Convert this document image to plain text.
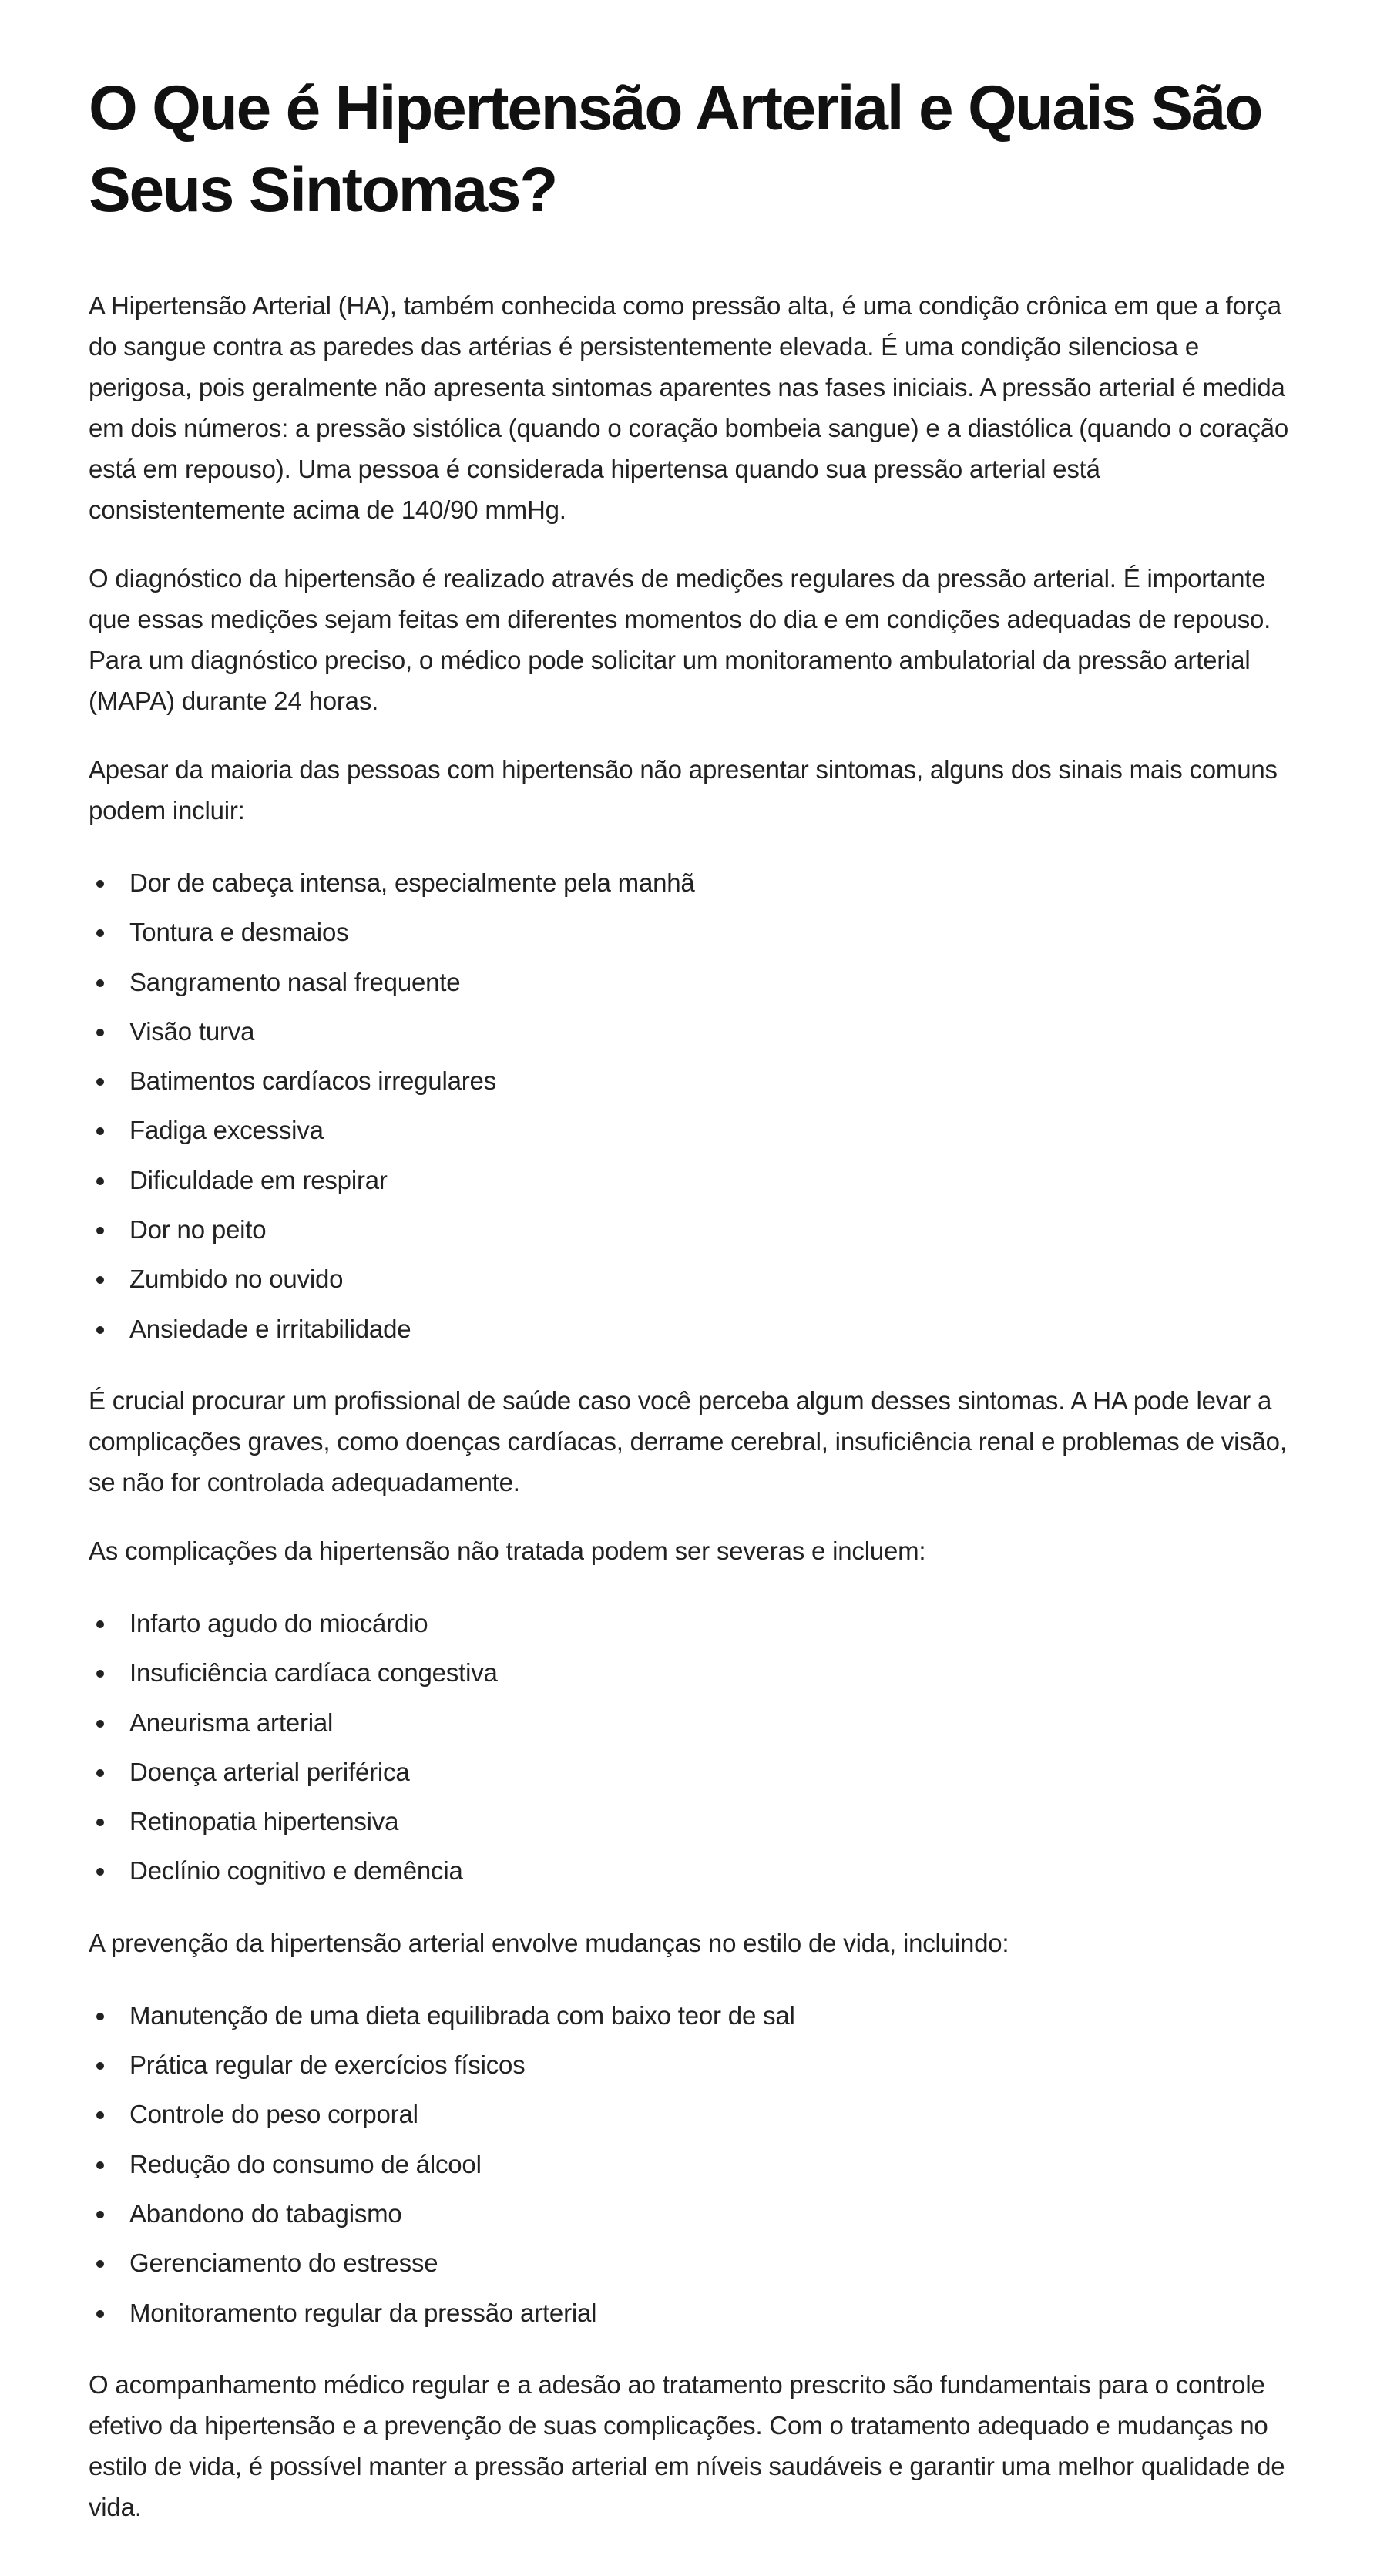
O Que é Hipertensão Arterial e Quais São Seus Sintomas?

A Hipertensão Arterial (HA), também conhecida como pressão alta, é uma condição crônica em que a força do sangue contra as paredes das artérias é persistentemente elevada. É uma condição silenciosa e perigosa, pois geralmente não apresenta sintomas aparentes nas fases iniciais. A pressão arterial é medida em dois números: a pressão sistólica (quando o coração bombeia sangue) e a diastólica (quando o coração está em repouso). Uma pessoa é considerada hipertensa quando sua pressão arterial está consistentemente acima de 140/90 mmHg.

O diagnóstico da hipertensão é realizado através de medições regulares da pressão arterial. É importante que essas medições sejam feitas em diferentes momentos do dia e em condições adequadas de repouso. Para um diagnóstico preciso, o médico pode solicitar um monitoramento ambulatorial da pressão arterial (MAPA) durante 24 horas.

Apesar da maioria das pessoas com hipertensão não apresentar sintomas, alguns dos sinais mais comuns podem incluir:

Dor de cabeça intensa, especialmente pela manhã
Tontura e desmaios
Sangramento nasal frequente
Visão turva
Batimentos cardíacos irregulares
Fadiga excessiva
Dificuldade em respirar
Dor no peito
Zumbido no ouvido
Ansiedade e irritabilidade

É crucial procurar um profissional de saúde caso você perceba algum desses sintomas. A HA pode levar a complicações graves, como doenças cardíacas, derrame cerebral, insuficiência renal e problemas de visão, se não for controlada adequadamente.

As complicações da hipertensão não tratada podem ser severas e incluem:

Infarto agudo do miocárdio
Insuficiência cardíaca congestiva
Aneurisma arterial
Doença arterial periférica
Retinopatia hipertensiva
Declínio cognitivo e demência

A prevenção da hipertensão arterial envolve mudanças no estilo de vida, incluindo:

Manutenção de uma dieta equilibrada com baixo teor de sal
Prática regular de exercícios físicos
Controle do peso corporal
Redução do consumo de álcool
Abandono do tabagismo
Gerenciamento do estresse
Monitoramento regular da pressão arterial

O acompanhamento médico regular e a adesão ao tratamento prescrito são fundamentais para o controle efetivo da hipertensão e a prevenção de suas complicações. Com o tratamento adequado e mudanças no estilo de vida, é possível manter a pressão arterial em níveis saudáveis e garantir uma melhor qualidade de vida.
